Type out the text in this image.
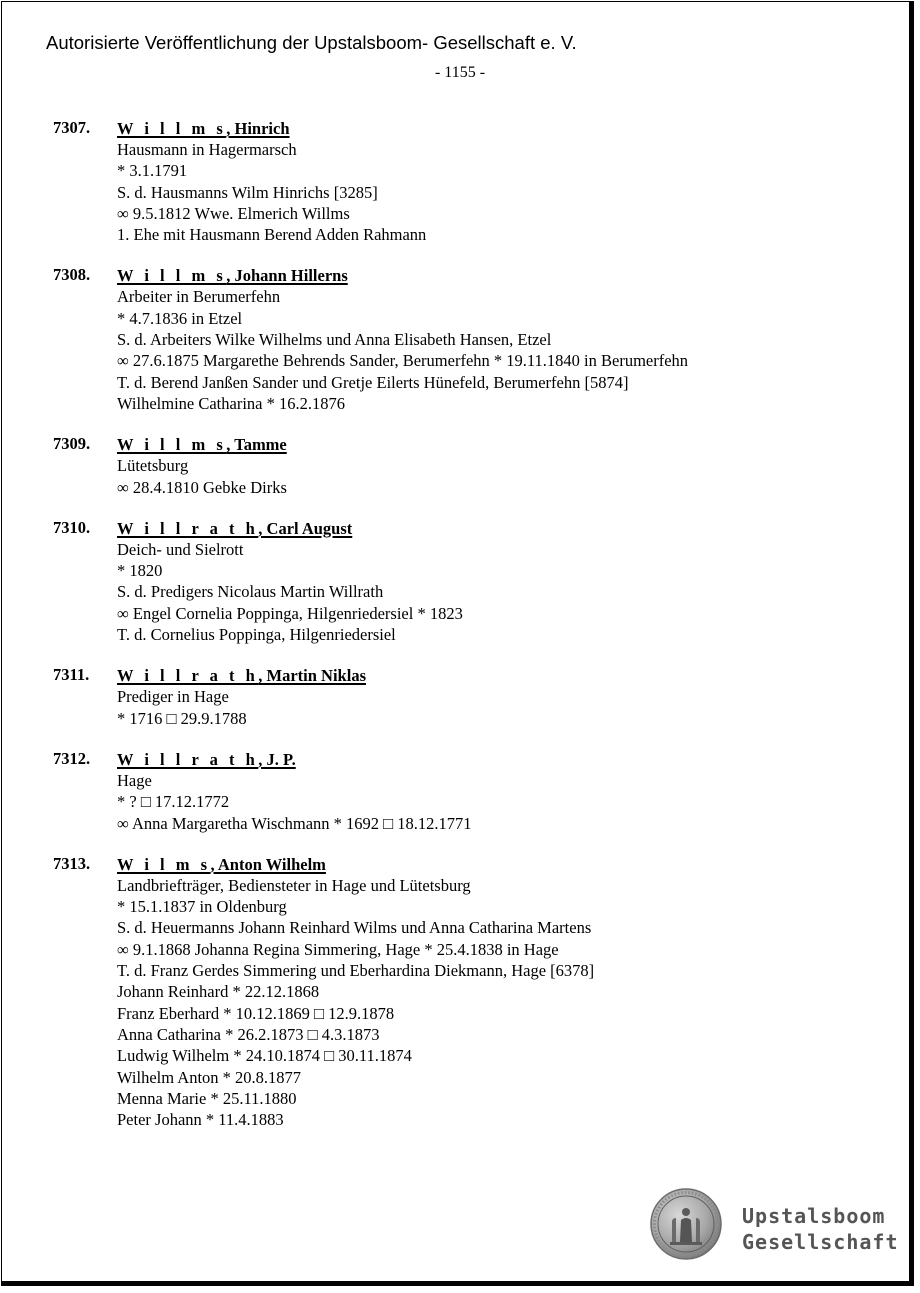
Autorisierte Veröffentlichung der Upstalsboom- Gesellschaft e. V.
- 1155 -
7307. W i l l m s, Hinrich
Hausmann in Hagermarsch
* 3.1.1791
S. d. Hausmanns Wilm Hinrichs [3285]
∞ 9.5.1812 Wwe. Elmerich Willms
1. Ehe mit Hausmann Berend Adden Rahmann
7308. W i l l m s, Johann Hillerns
Arbeiter in Berumerfehn
* 4.7.1836 in Etzel
S. d. Arbeiters Wilke Wilhelms und Anna Elisabeth Hansen, Etzel
∞ 27.6.1875 Margarethe Behrends Sander, Berumerfehn * 19.11.1840 in Berumerfehn
T. d. Berend Janßen Sander und Gretje Eilerts Hünefeld, Berumerfehn [5874]
Wilhelmine Catharina * 16.2.1876
7309. W i l l m s, Tamme
Lütetsburg
∞ 28.4.1810 Gebke Dirks
7310. W i l l r a t h, Carl August
Deich- und Sielrott
* 1820
S. d. Predigers Nicolaus Martin Willrath
∞ Engel Cornelia Poppinga, Hilgenriedersiel * 1823
T. d. Cornelius Poppinga, Hilgenriedersiel
7311. W i l l r a t h, Martin Niklas
Prediger in Hage
* 1716 □ 29.9.1788
7312. W i l l r a t h, J. P.
Hage
* ? □ 17.12.1772
∞ Anna Margaretha Wischmann * 1692 □ 18.12.1771
7313. W i l m s, Anton Wilhelm
Landbriefträger, Bediensteter in Hage und Lütetsburg
* 15.1.1837 in Oldenburg
S. d. Heuermanns Johann Reinhard Wilms und Anna Catharina Martens
∞ 9.1.1868 Johanna Regina Simmering, Hage * 25.4.1838 in Hage
T. d. Franz Gerdes Simmering und Eberhardina Diekmann, Hage [6378]
Johann Reinhard * 22.12.1868
Franz Eberhard * 10.12.1869 □ 12.9.1878
Anna Catharina * 26.2.1873 □ 4.3.1873
Ludwig Wilhelm * 24.10.1874 □ 30.11.1874
Wilhelm Anton * 20.8.1877
Menna Marie * 25.11.1880
Peter Johann * 11.4.1883
Upstalsboom
Gesellschaft
